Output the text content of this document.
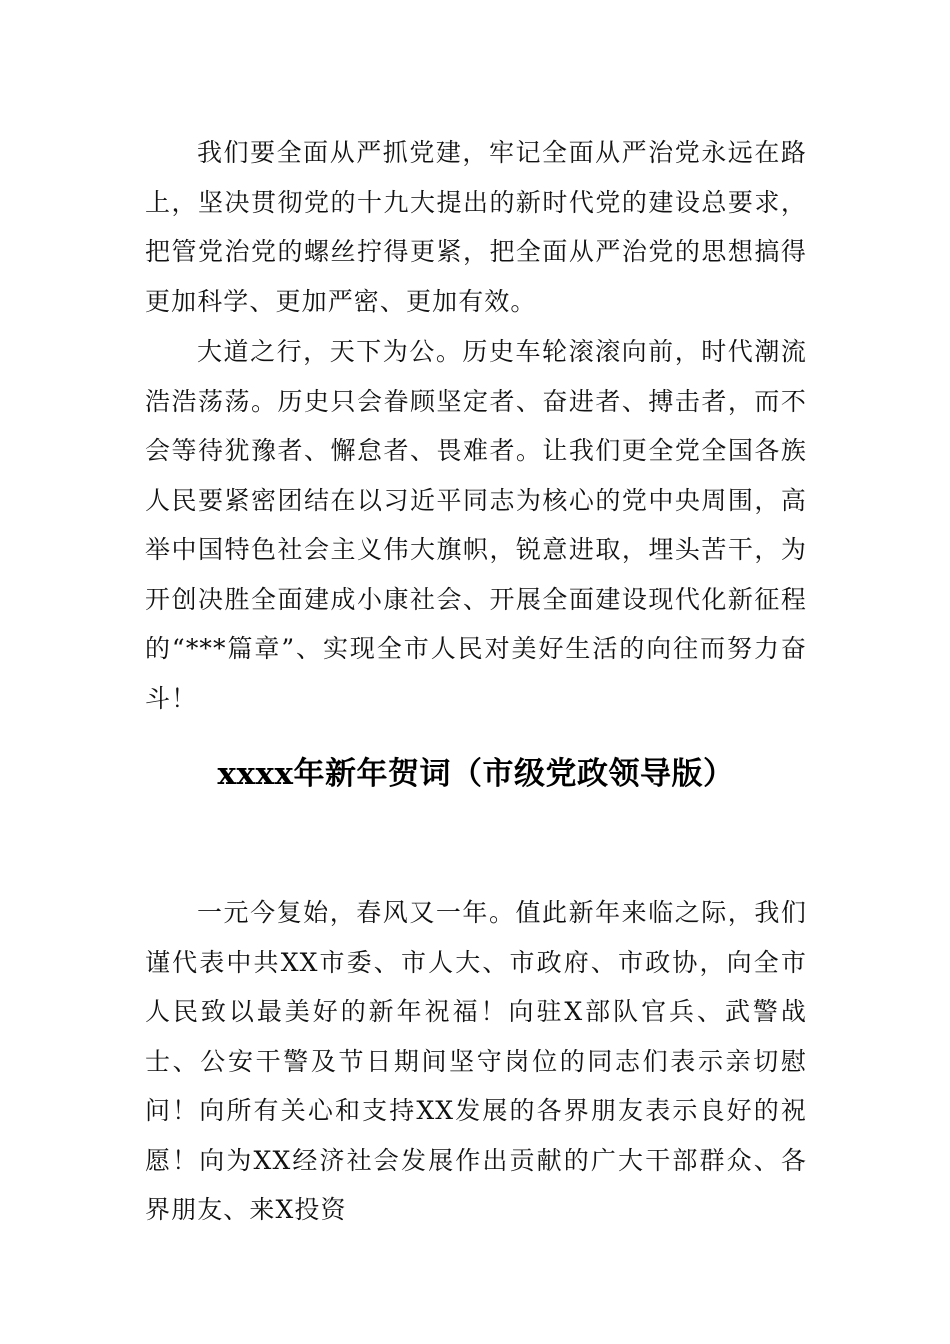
我们要全面从严抓党建，牢记全面从严治党永远在路上，坚决贯彻党的十九大提出的新时代党的建设总要求，把管党治党的螺丝拧得更紧，把全面从严治党的思想搞得更加科学、更加严密、更加有效。

大道之行，天下为公。历史车轮滚滚向前，时代潮流浩浩荡荡。历史只会眷顾坚定者、奋进者、搏击者，而不会等待犹豫者、懈怠者、畏难者。让我们更全党全国各族人民要紧密团结在以习近平同志为核心的党中央周围，高举中国特色社会主义伟大旗帜，锐意进取，埋头苦干，为开创决胜全面建成小康社会、开展全面建设现代化新征程的“***篇章”、实现全市人民对美好生活的向往而努力奋斗！

xxxx年新年贺词（市级党政领导版）

一元今复始，春风又一年。值此新年来临之际，我们谨代表中共XX市委、市人大、市政府、市政协，向全市人民致以最美好的新年祝福！向驻X部队官兵、武警战士、公安干警及节日期间坚守岗位的同志们表示亲切慰问！向所有关心和支持XX发展的各界朋友表示良好的祝愿！向为XX经济社会发展作出贡献的广大干部群众、各界朋友、来X投资
